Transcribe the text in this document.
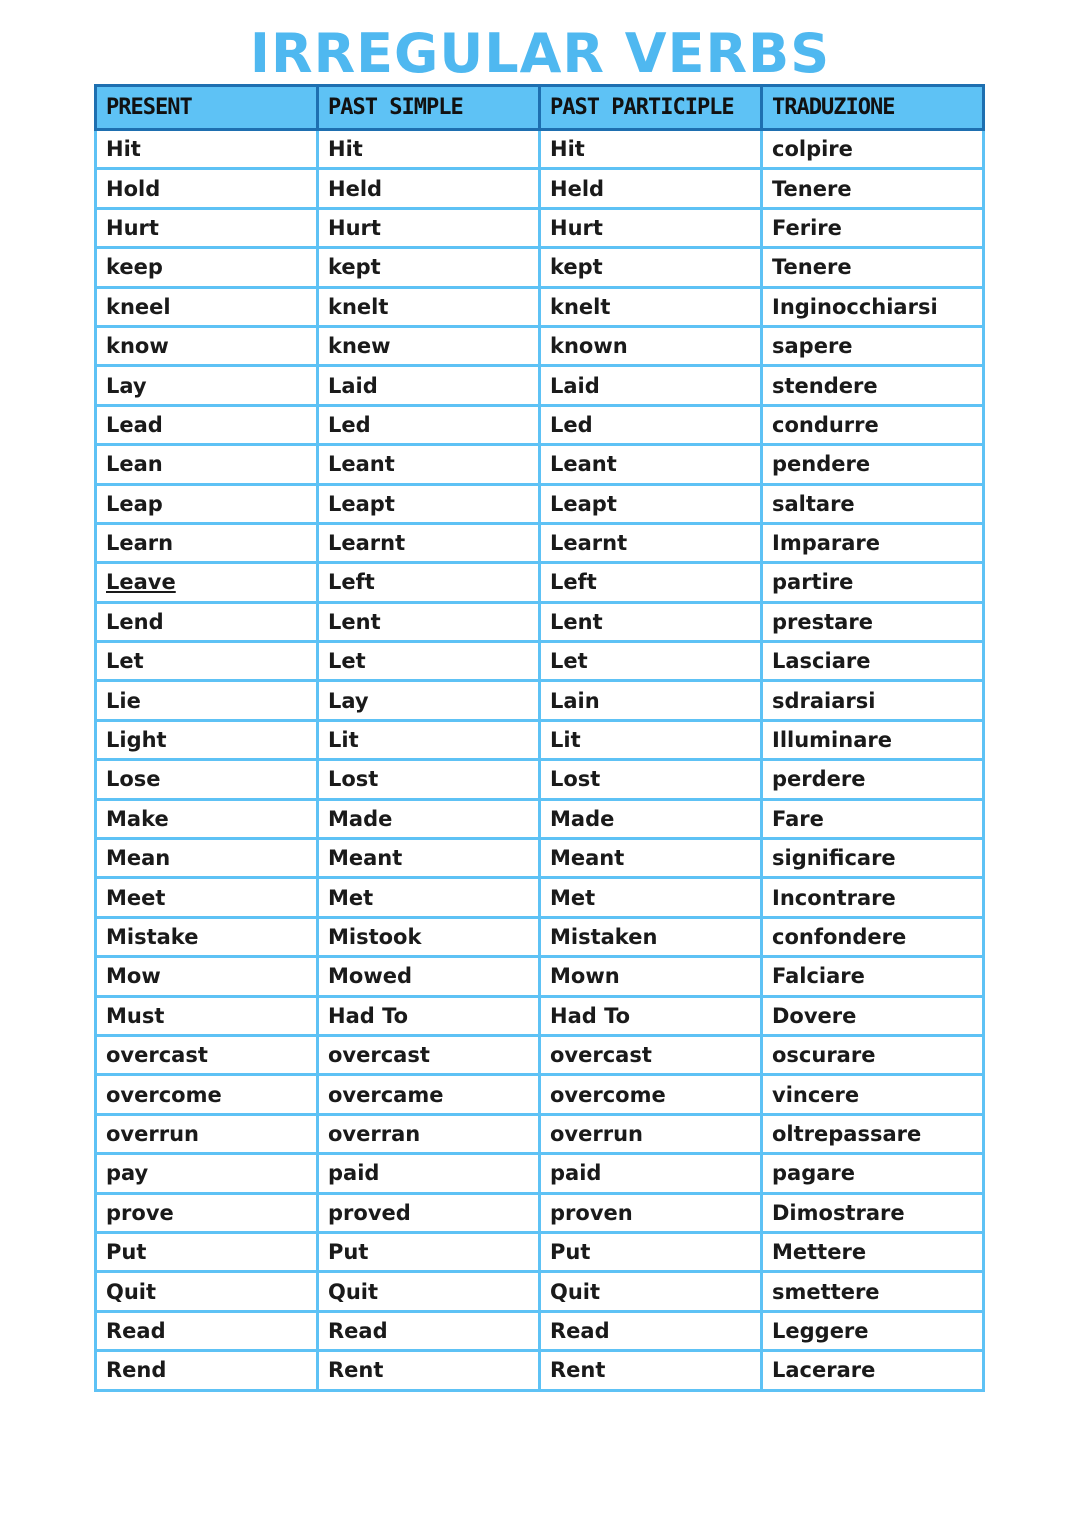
IRREGULAR VERBS
PRESENT	PAST SIMPLE	PAST PARTICIPLE	TRADUZIONE
Hit	Hit	Hit	colpire
Hold	Held	Held	Tenere
Hurt	Hurt	Hurt	Ferire
keep	kept	kept	Tenere
kneel	knelt	knelt	Inginocchiarsi
know	knew	known	sapere
Lay	Laid	Laid	stendere
Lead	Led	Led	condurre
Lean	Leant	Leant	pendere
Leap	Leapt	Leapt	saltare
Learn	Learnt	Learnt	Imparare
Leave	Left	Left	partire
Lend	Lent	Lent	prestare
Let	Let	Let	Lasciare
Lie	Lay	Lain	sdraiarsi
Light	Lit	Lit	Illuminare
Lose	Lost	Lost	perdere
Make	Made	Made	Fare
Mean	Meant	Meant	significare
Meet	Met	Met	Incontrare
Mistake	Mistook	Mistaken	confondere
Mow	Mowed	Mown	Falciare
Must	Had To	Had To	Dovere
overcast	overcast	overcast	oscurare
overcome	overcame	overcome	vincere
overrun	overran	overrun	oltrepassare
pay	paid	paid	pagare
prove	proved	proven	Dimostrare
Put	Put	Put	Mettere
Quit	Quit	Quit	smettere
Read	Read	Read	Leggere
Rend	Rent	Rent	Lacerare
